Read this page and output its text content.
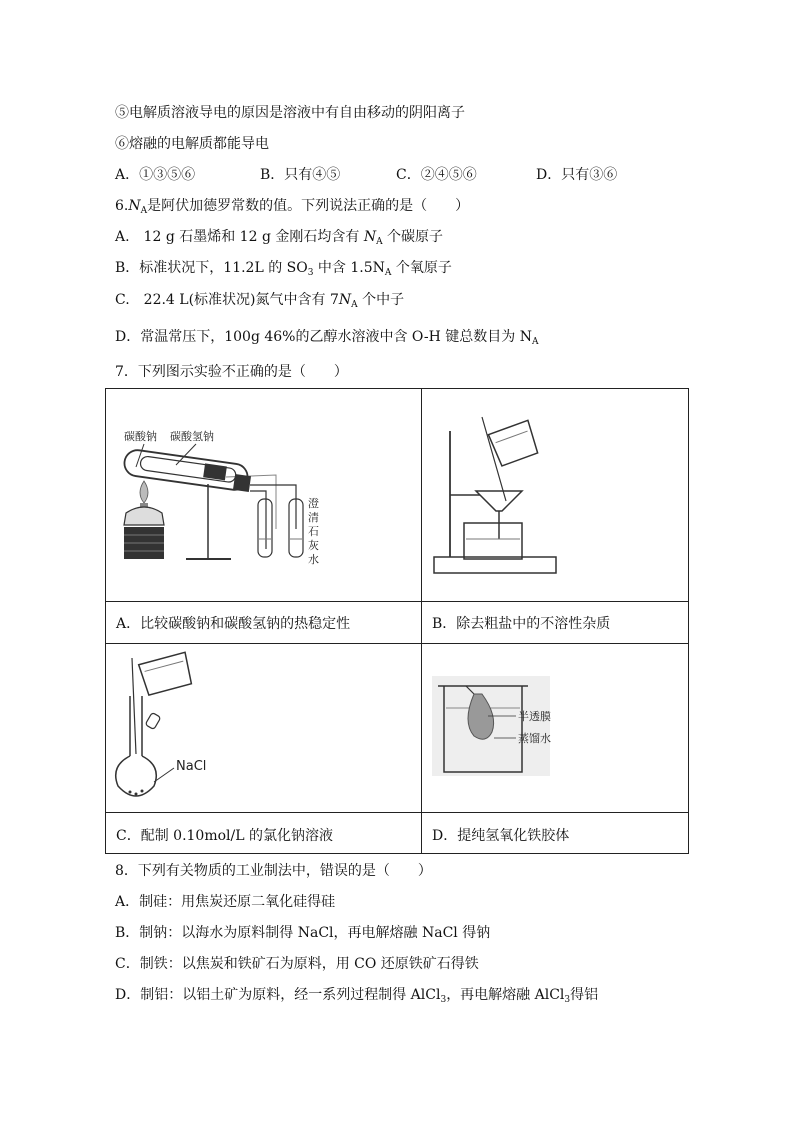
⑤电解质溶液导电的原因是溶液中有自由移动的阴阳离子
⑥熔融的电解质都能导电
A．①③⑤⑥	B．只有④⑤	C．②④⑤⑥	D．只有③⑥
$6.N_A$是阿伏加德罗常数的值。下列说法正确的是（　　）
A.　12 g 石墨烯和 12 g 金刚石均含有 $N_A$ 个碳原子
B．标准状况下，11.2L 的 $SO_3$ 中含 $1.5N_A$ 个氧原子
C.　22.4 L(标准状况)氮气中含有 $7N_A$ 个中子
D．常温常压下，100g 46%的乙醇水溶液中含 O-H 键总数目为 $N_A$
7．下列图示实验不正确的是（　　）
碳酸钠 碳酸氢钠
澄
清
石
灰
水
A．比较碳酸钠和碳酸氢钠的热稳定性	B．除去粗盐中的不溶性杂质
NaCl
半透膜
蒸馏水
C．配制 0.10mol/L 的氯化钠溶液	D．提纯氢氧化铁胶体
8．下列有关物质的工业制法中，错误的是（　　）
A．制硅：用焦炭还原二氧化硅得硅
B．制钠：以海水为原料制得 NaCl，再电解熔融 NaCl 得钠
C．制铁：以焦炭和铁矿石为原料，用 CO 还原铁矿石得铁
D．制铝：以铝土矿为原料，经一系列过程制得 AlCl$_3$，再电解熔融 AlCl$_3$得铝
